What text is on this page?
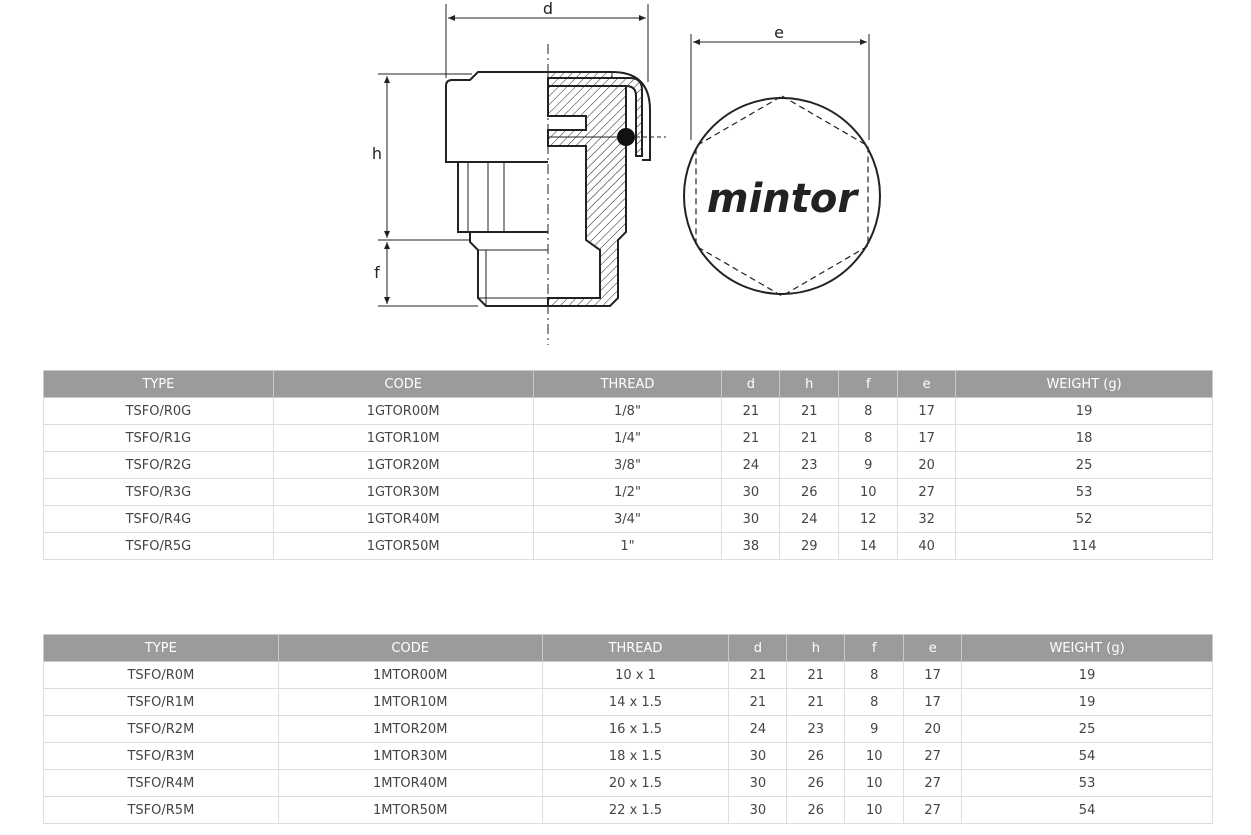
d
h
f
e
mintor
TYPE	CODE	THREAD	d	h	f	e	WEIGHT (g)
TSFO/R0G	1GTOR00M	1/8"	21	21	8	17	19
TSFO/R1G	1GTOR10M	1/4"	21	21	8	17	18
TSFO/R2G	1GTOR20M	3/8"	24	23	9	20	25
TSFO/R3G	1GTOR30M	1/2"	30	26	10	27	53
TSFO/R4G	1GTOR40M	3/4"	30	24	12	32	52
TSFO/R5G	1GTOR50M	1"	38	29	14	40	114
TYPE	CODE	THREAD	d	h	f	e	WEIGHT (g)
TSFO/R0M	1MTOR00M	10 x 1	21	21	8	17	19
TSFO/R1M	1MTOR10M	14 x 1.5	21	21	8	17	19
TSFO/R2M	1MTOR20M	16 x 1.5	24	23	9	20	25
TSFO/R3M	1MTOR30M	18 x 1.5	30	26	10	27	54
TSFO/R4M	1MTOR40M	20 x 1.5	30	26	10	27	53
TSFO/R5M	1MTOR50M	22 x 1.5	30	26	10	27	54
